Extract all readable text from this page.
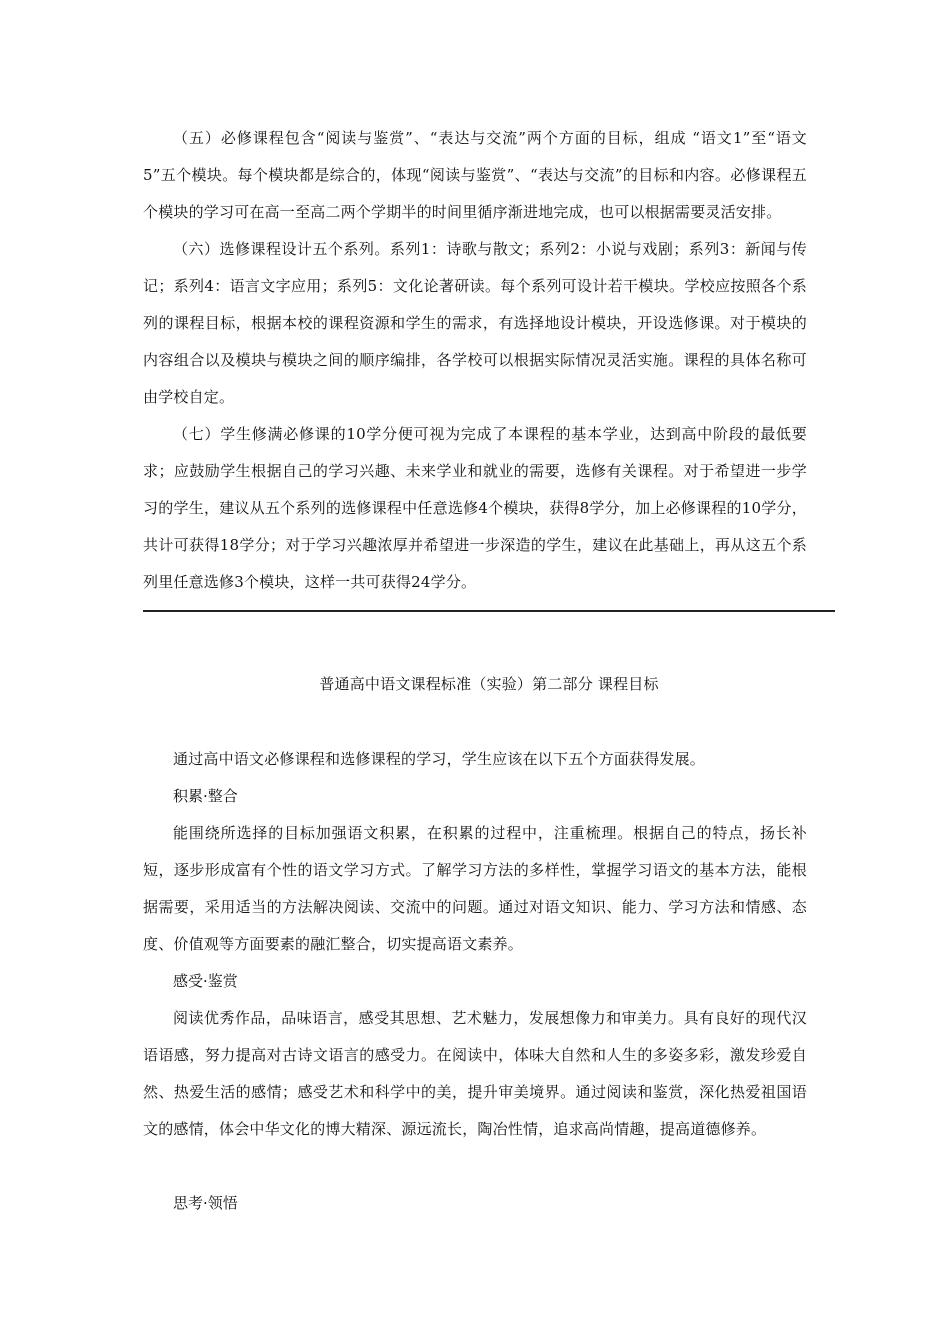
（五）必修课程包含“阅读与鉴赏”、“表达与交流”两个方面的目标，组成 “语文1”至“语文5”五个模块。每个模块都是综合的，体现“阅读与鉴赏”、“表达与交流”的目标和内容。必修课程五个模块的学习可在高一至高二两个学期半的时间里循序渐进地完成，也可以根据需要灵活安排。

（六）选修课程设计五个系列。系列1：诗歌与散文；系列2：小说与戏剧；系列3：新闻与传记；系列4：语言文字应用；系列5：文化论著研读。每个系列可设计若干模块。学校应按照各个系列的课程目标，根据本校的课程资源和学生的需求，有选择地设计模块，开设选修课。对于模块的内容组合以及模块与模块之间的顺序编排，各学校可以根据实际情况灵活实施。课程的具体名称可由学校自定。

（七）学生修满必修课的10学分便可视为完成了本课程的基本学业，达到高中阶段的最低要求；应鼓励学生根据自己的学习兴趣、未来学业和就业的需要，选修有关课程。对于希望进一步学习的学生，建议从五个系列的选修课程中任意选修4个模块，获得8学分，加上必修课程的10学分，共计可获得18学分；对于学习兴趣浓厚并希望进一步深造的学生，建议在此基础上，再从这五个系列里任意选修3个模块，这样一共可获得24学分。

普通高中语文课程标准（实验）第二部分 课程目标

通过高中语文必修课程和选修课程的学习，学生应该在以下五个方面获得发展。

积累·整合

能围绕所选择的目标加强语文积累，在积累的过程中，注重梳理。根据自己的特点，扬长补短，逐步形成富有个性的语文学习方式。了解学习方法的多样性，掌握学习语文的基本方法，能根据需要，采用适当的方法解决阅读、交流中的问题。通过对语文知识、能力、学习方法和情感、态度、价值观等方面要素的融汇整合，切实提高语文素养。

感受·鉴赏

阅读优秀作品，品味语言，感受其思想、艺术魅力，发展想像力和审美力。具有良好的现代汉语语感，努力提高对古诗文语言的感受力。在阅读中，体味大自然和人生的多姿多彩，激发珍爱自然、热爱生活的感情；感受艺术和科学中的美，提升审美境界。通过阅读和鉴赏，深化热爱祖国语文的感情，体会中华文化的博大精深、源远流长，陶冶性情，追求高尚情趣，提高道德修养。

思考·领悟
